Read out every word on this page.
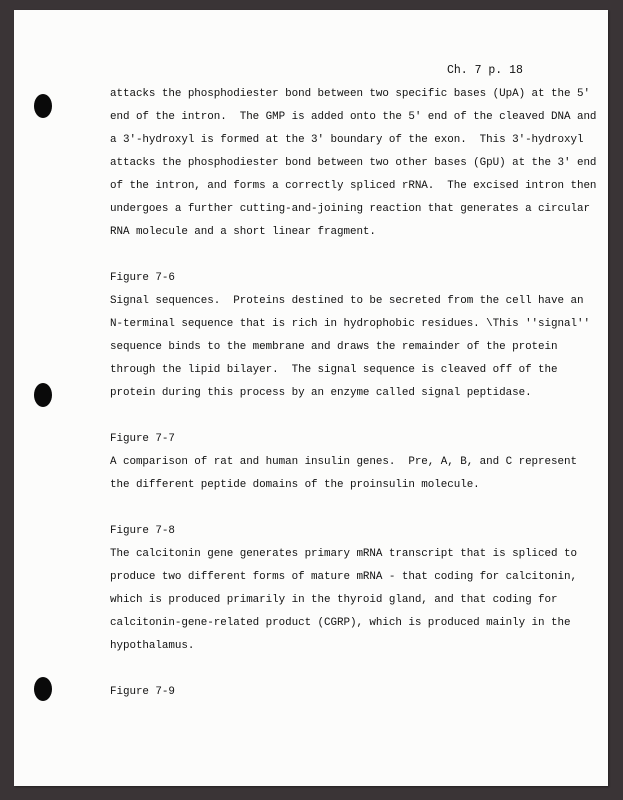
Ch. 7 p. 18
attacks the phosphodiester bond between two specific bases (UpA) at the 5′
end of the intron.  The GMP is added onto the 5′ end of the cleaved DNA and
a 3′-hydroxyl is formed at the 3′ boundary of the exon.  This 3′-hydroxyl
attacks the phosphodiester bond between two other bases (GpU) at the 3′ end
of the intron, and forms a correctly spliced rRNA.  The excised intron then
undergoes a further cutting-and-joining reaction that generates a circular
RNA molecule and a short linear fragment.
Figure 7-6
Signal sequences.  Proteins destined to be secreted from the cell have an
N-terminal sequence that is rich in hydrophobic residues. \This ''signal''
sequence binds to the membrane and draws the remainder of the protein
through the lipid bilayer.  The signal sequence is cleaved off of the
protein during this process by an enzyme called signal peptidase.
Figure 7-7
A comparison of rat and human insulin genes.  Pre, A, B, and C represent
the different peptide domains of the proinsulin molecule.
Figure 7-8
The calcitonin gene generates primary mRNA transcript that is spliced to
produce two different forms of mature mRNA - that coding for calcitonin,
which is produced primarily in the thyroid gland, and that coding for
calcitonin-gene-related product (CGRP), which is produced mainly in the
hypothalamus.
Figure 7-9
